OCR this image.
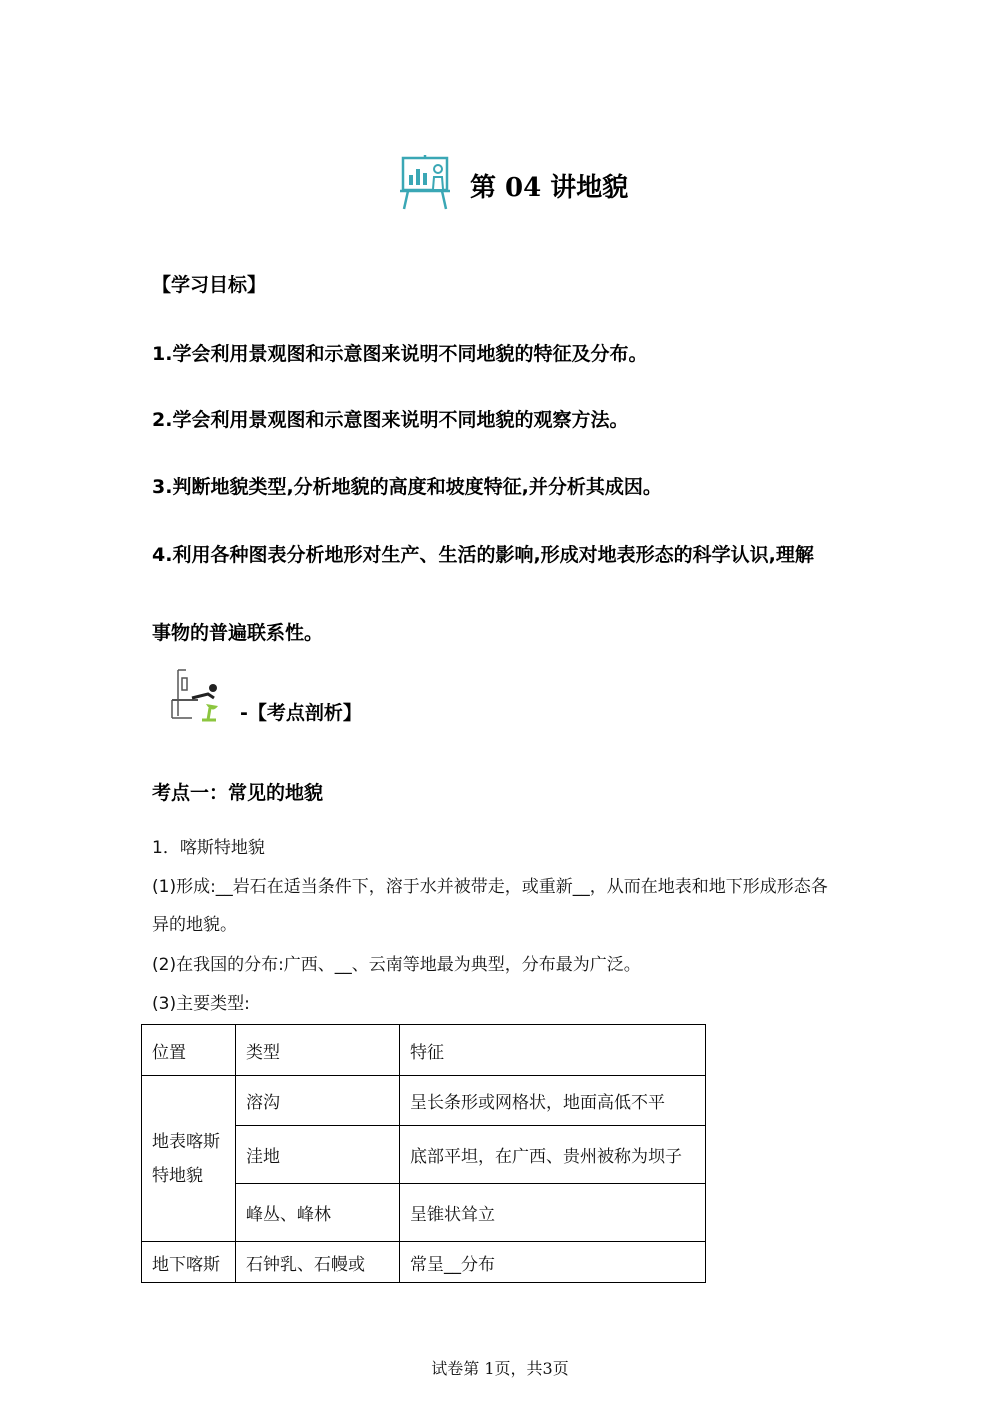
第 04 讲地貌
【学习目标】
1.学会利用景观图和示意图来说明不同地貌的特征及分布。
2.学会利用景观图和示意图来说明不同地貌的观察方法。
3.判断地貌类型,分析地貌的高度和坡度特征,并分析其成因。
4.利用各种图表分析地形对生产、生活的影响,形成对地表形态的科学认识,理解
事物的普遍联系性。
-【考点剖析】
考点一：常见的地貌
1．喀斯特地貌
(1)形成:__岩石在适当条件下，溶于水并被带走，或重新__，从而在地表和地下形成形态各
异的地貌。
(2)在我国的分布:广西、__、云南等地最为典型，分布最为广泛。
(3)主要类型:
位置	类型	特征
地表喀斯
特地貌	溶沟	呈长条形或网格状，地面高低不平
	洼地	底部平坦，在广西、贵州被称为坝子
	峰丛、峰林	呈锥状耸立
地下喀斯	石钟乳、石幔或	常呈__分布
试卷第 1页，共3页
